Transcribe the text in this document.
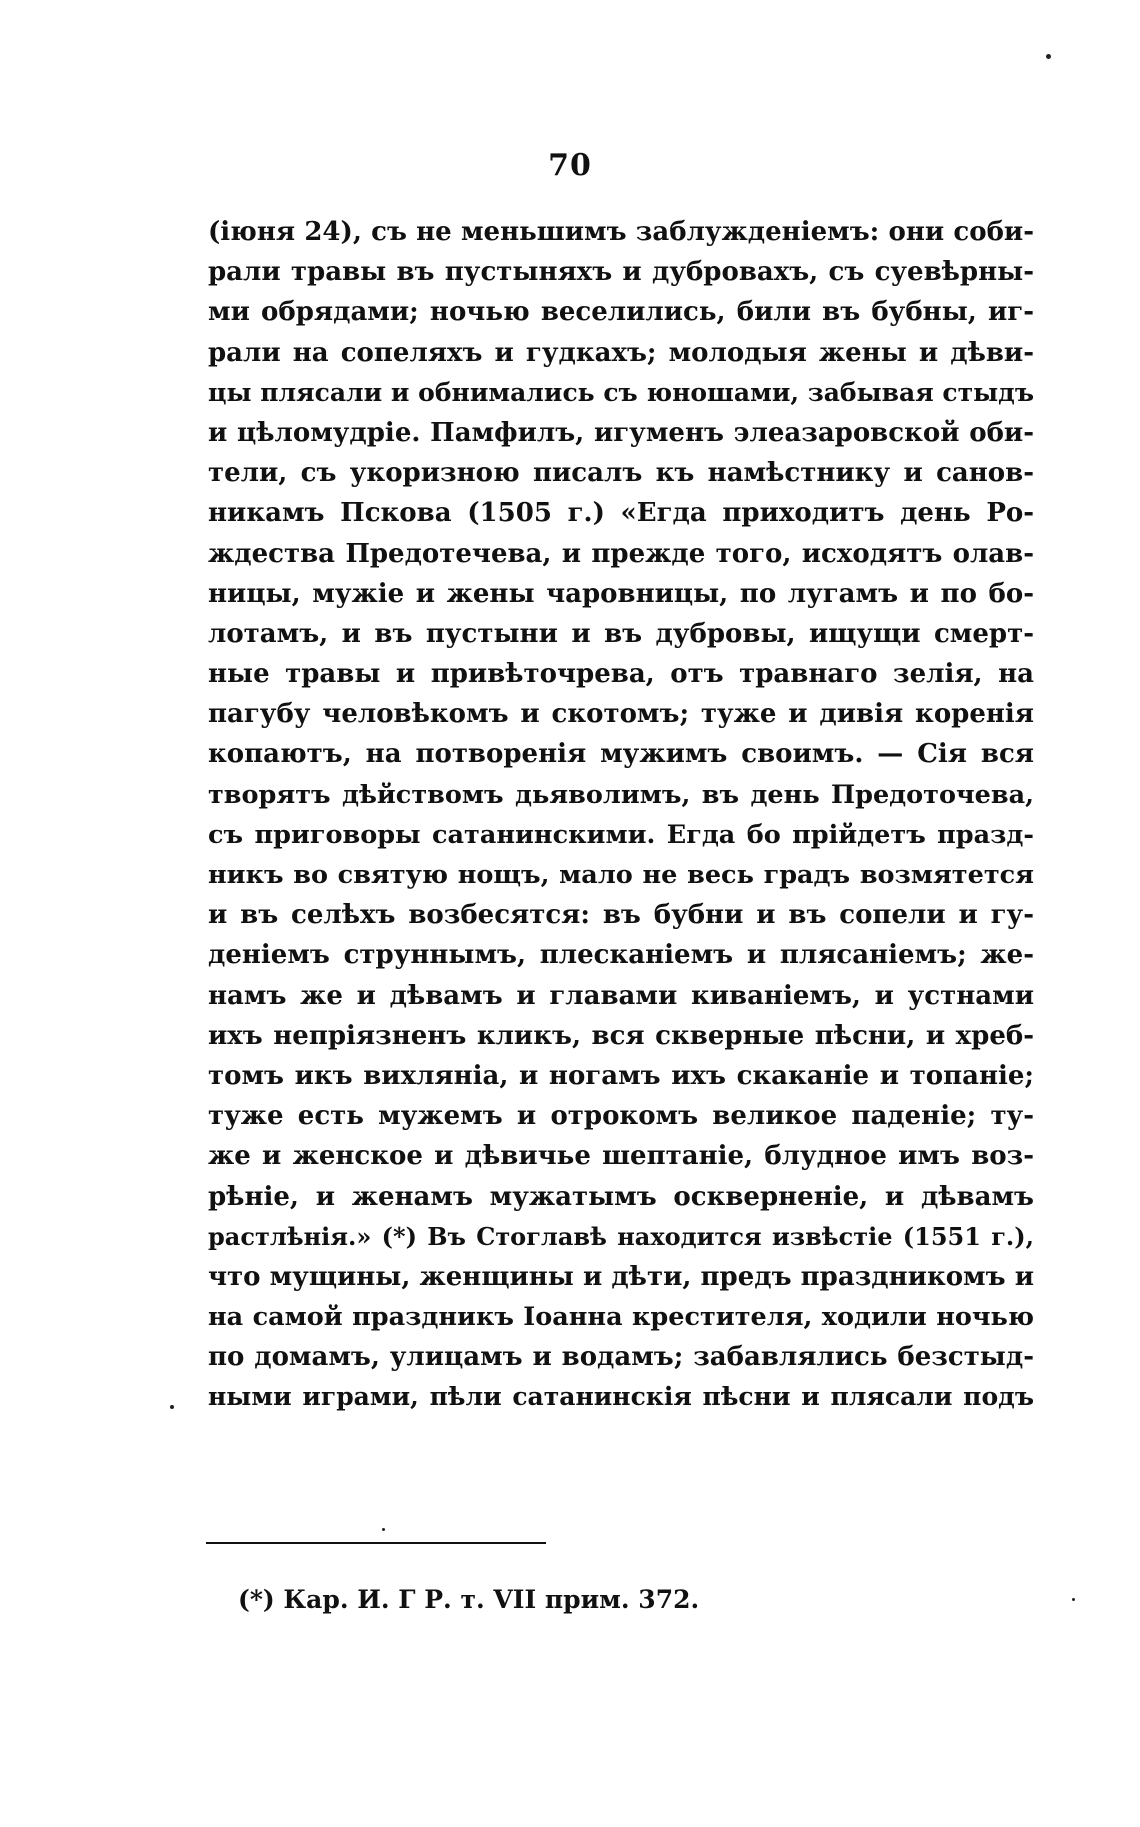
70
(іюня 24), съ не меньшимъ заблужденіемъ: они соби-
рали травы въ пустыняхъ и дубровахъ, съ суевѣрны-
ми обрядами; ночью веселились, били въ бубны, иг-
рали на сопеляхъ и гудкахъ; молодыя жены и дѣви-
цы плясали и обнимались съ юношами, забывая стыдъ
и цѣломудріе. Памфилъ, игуменъ элеазаровской оби-
тели, съ укоризною писалъ къ намѣстнику и санов-
никамъ Пскова (1505 г.) «Егда приходитъ день Ро-
ждества Предотечева, и прежде того, исходятъ олав-
ницы, мужіе и жены чаровницы, по лугамъ и по бо-
лотамъ, и въ пустыни и въ дубровы, ищущи смерт-
ные травы и привѣточрева, отъ травнаго зелія, на
пагубу человѣкомъ и скотомъ; туже и дивія коренія
копаютъ, на потворенія мужимъ своимъ. — Сія вся
творятъ дѣйствомъ дьяволимъ, въ день Предоточева,
съ приговоры сатанинскими. Егда бо прійдетъ празд-
никъ во святую нощъ, мало не весь градъ возмятется
и въ селѣхъ возбесятся: въ бубни и въ сопели и гу-
деніемъ струннымъ, плесканіемъ и плясаніемъ; же-
намъ же и дѣвамъ и главами киваніемъ, и устнами
ихъ непріязненъ кликъ, вся скверные пѣсни, и хреб-
томъ икъ вихляніа, и ногамъ ихъ скаканіе и топаніе;
туже есть мужемъ и отрокомъ великое паденіе; ту-
же и женское и дѣвичье шептаніе, блудное имъ воз-
рѣніе, и женамъ мужатымъ оскверненіе, и дѣвамъ
растлѣнія.» (*) Въ Стоглавѣ находится извѣстіе (1551 г.),
что мущины, женщины и дѣти, предъ праздникомъ и
на самой праздникъ Іоанна крестителя, ходили ночью
по домамъ, улицамъ и водамъ; забавлялись безстыд-
ными играми, пѣли сатанинскія пѣсни и плясали подъ
(*) Кар. И. Г Р. т. VII прим. 372.
